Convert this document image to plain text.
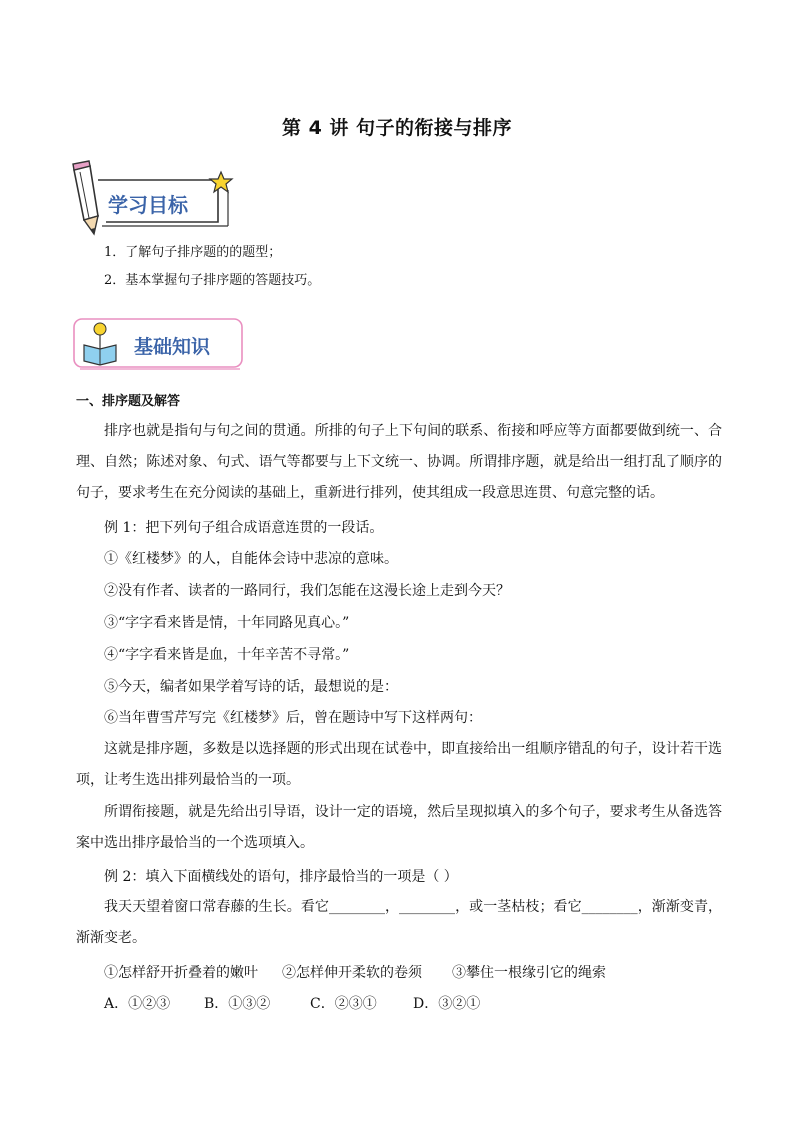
第 4 讲 句子的衔接与排序
学习目标
1．了解句子排序题的的题型；
2．基本掌握句子排序题的答题技巧。
基础知识
一、排序题及解答
排序也就是指句与句之间的贯通。所排的句子上下句间的联系、衔接和呼应等方面都要做到统一、合理、自然；陈述对象、句式、语气等都要与上下文统一、协调。所谓排序题，就是给出一组打乱了顺序的句子，要求考生在充分阅读的基础上，重新进行排列，使其组成一段意思连贯、句意完整的话。
例 1：把下列句子组合成语意连贯的一段话。
①《红楼梦》的人，自能体会诗中悲凉的意味。
②没有作者、读者的一路同行，我们怎能在这漫长途上走到今天？
③“字字看来皆是情，十年同路见真心。”
④“字字看来皆是血，十年辛苦不寻常。”
⑤今天，编者如果学着写诗的话，最想说的是：
⑥当年曹雪芹写完《红楼梦》后，曾在题诗中写下这样两句：
这就是排序题，多数是以选择题的形式出现在试卷中，即直接给出一组顺序错乱的句子，设计若干选项，让考生选出排列最恰当的一项。
所谓衔接题，就是先给出引导语，设计一定的语境，然后呈现拟填入的多个句子，要求考生从备选答案中选出排序最恰当的一个选项填入。
例 2：填入下面横线处的语句，排序最恰当的一项是（ ）
我天天望着窗口常春藤的生长。看它________，________，或一茎枯枝；看它________，渐渐变青，渐渐变老。
①怎样舒开折叠着的嫩叶 ②怎样伸开柔软的卷须 ③攀住一根缘引它的绳索
A．①②③ B．①③②	C．②③①	D．③②①
